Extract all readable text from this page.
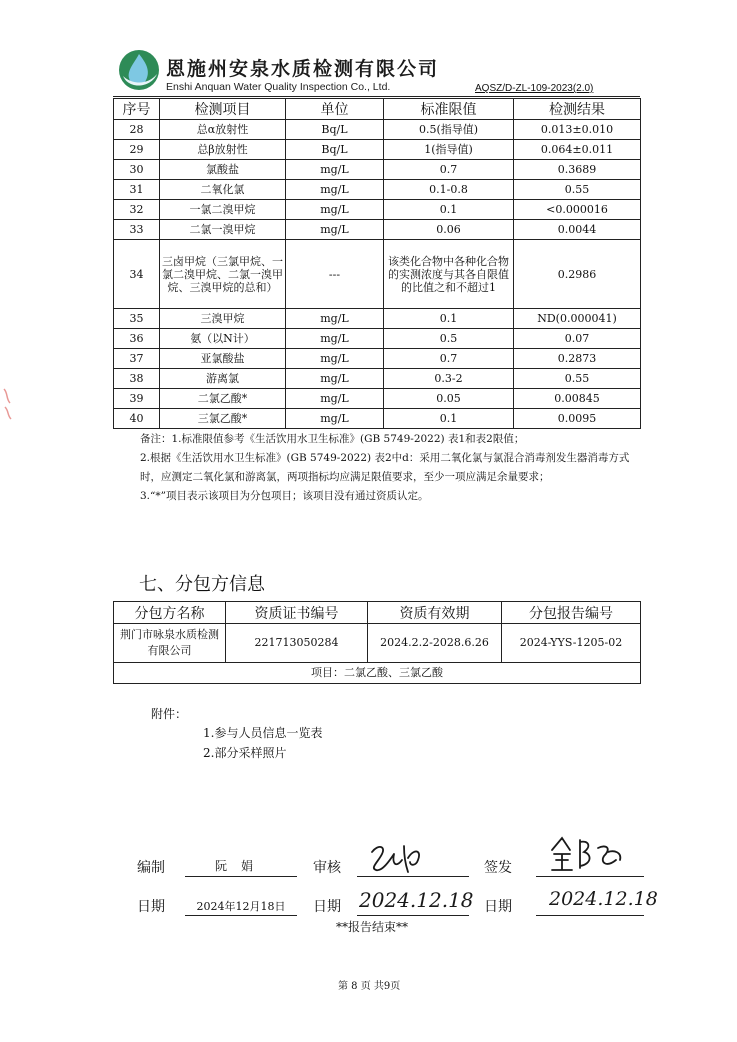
恩施州安泉水质检测有限公司
Enshi Anquan Water Quality Inspection Co., Ltd.	AQSZ/D-ZL-109-2023(2.0)
序号	检测项目	单位	标准限值	检测结果
28	总α放射性	Bq/L	0.5(指导值)	0.013±0.010
29	总β放射性	Bq/L	1(指导值)	0.064±0.011
30	氯酸盐	mg/L	0.7	0.3689
31	二氧化氯	mg/L	0.1-0.8	0.55
32	一氯二溴甲烷	mg/L	0.1	<0.000016
33	二氯一溴甲烷	mg/L	0.06	0.0044
34	三卤甲烷（三氯甲烷、一氯二溴甲烷、二氯一溴甲烷、三溴甲烷的总和）	---	该类化合物中各种化合物的实测浓度与其各自限值的比值之和不超过1	0.2986
35	三溴甲烷	mg/L	0.1	ND(0.000041)
36	氨（以N计）	mg/L	0.5	0.07
37	亚氯酸盐	mg/L	0.7	0.2873
38	游离氯	mg/L	0.3-2	0.55
39	二氯乙酸*	mg/L	0.05	0.00845
40	三氯乙酸*	mg/L	0.1	0.0095

备注：1.标准限值参考《生活饮用水卫生标准》(GB 5749-2022) 表1和表2限值；

2.根据《生活饮用水卫生标准》(GB 5749-2022) 表2中d：采用二氧化氯与氯混合消毒剂发生器消毒方式时，应测定二氧化氯和游离氯，两项指标均应满足限值要求，至少一项应满足余量要求；

3.“*”项目表示该项目为分包项目；该项目没有通过资质认定。

七、分包方信息
分包方名称	资质证书编号	资质有效期	分包报告编号
荆门市咏泉水质检测有限公司	221713050284	2024.2.2-2028.6.26	2024-YYS-1205-02
项目：二氯乙酸、三氯乙酸			
附件：
1.参与人员信息一览表
2.部分采样照片
编制	阮娟	审核	签发
日期	2024年12月18日	日期 2024.12.18 日期 2024.12.18
**报告结束**
第 8 页 共9页
